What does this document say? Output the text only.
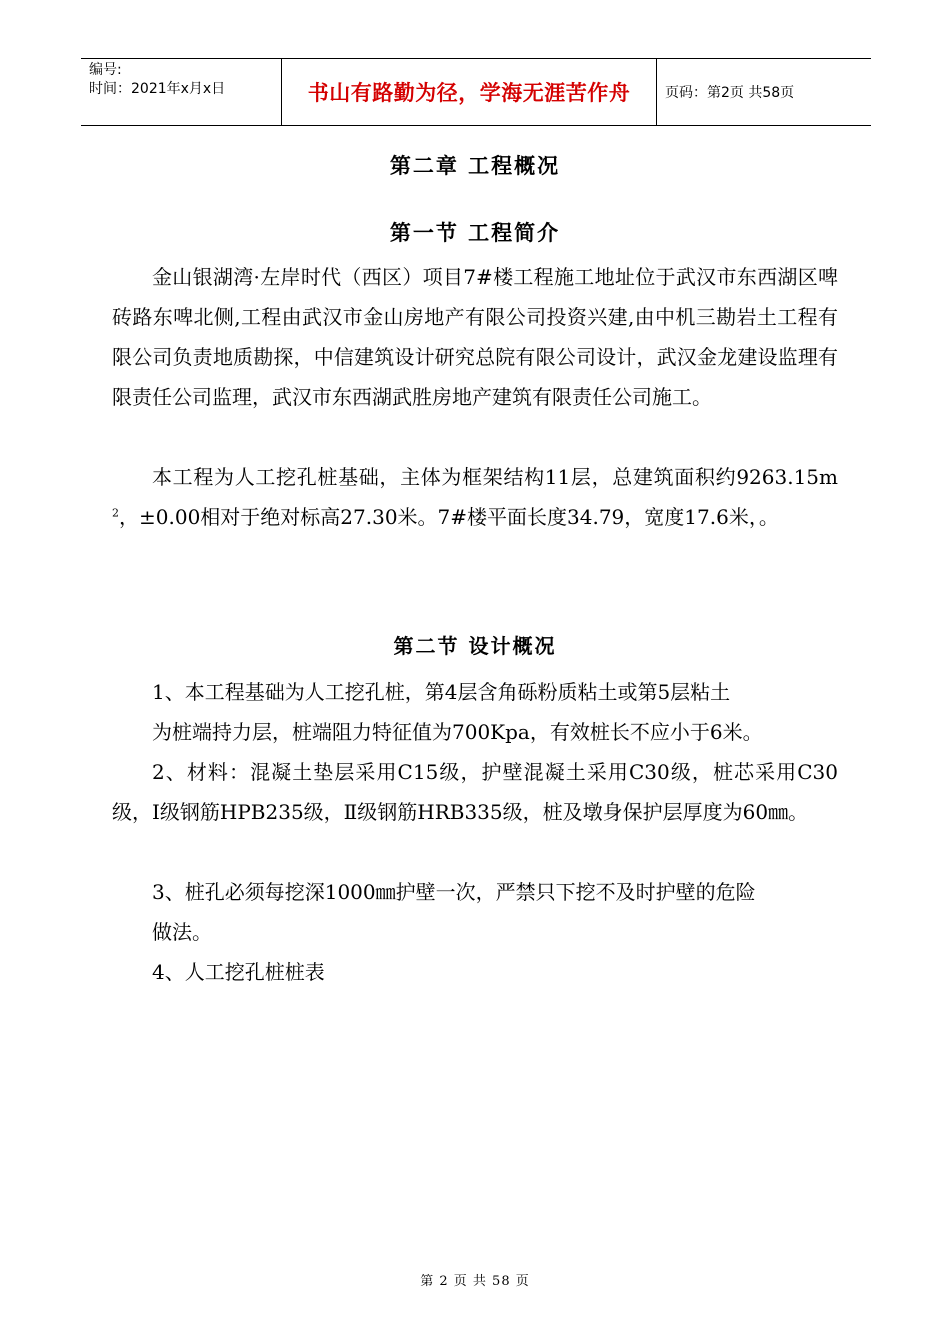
编号:
时间：2021年x月x日	书山有路勤为径，学海无涯苦作舟	页码：第2页 共58页
第二章 工程概况
第一节 工程简介

金山银湖湾·左岸时代（西区）项目7#楼工程施工地址位于武汉市东西湖区啤砖路东啤北侧,工程由武汉市金山房地产有限公司投资兴建,由中机三勘岩土工程有限公司负责地质勘探，中信建筑设计研究总院有限公司设计，武汉金龙建设监理有限责任公司监理，武汉市东西湖武胜房地产建筑有限责任公司施工。

本工程为人工挖孔桩基础，主体为框架结构11层，总建筑面积约$9263.15m^2$，±0.00相对于绝对标高27.30米。7#楼平面长度34.79，宽度17.6米，。

第二节 设计概况

1、本工程基础为人工挖孔桩，第4层含角砾粉质粘土或第5层粘土
为桩端持力层，桩端阻力特征值为700Kpa，有效桩长不应小于6米。

2、材料：混凝土垫层采用C15级，护壁混凝土采用C30级，桩芯采用C30级，Ⅰ级钢筋HPB235级，Ⅱ级钢筋HRB335级，桩及墩身保护层厚度为60㎜。

3、桩孔必须每挖深1000㎜护壁一次，严禁只下挖不及时护壁的危险
做法。

4、人工挖孔桩桩表

第 2 页 共 58 页
